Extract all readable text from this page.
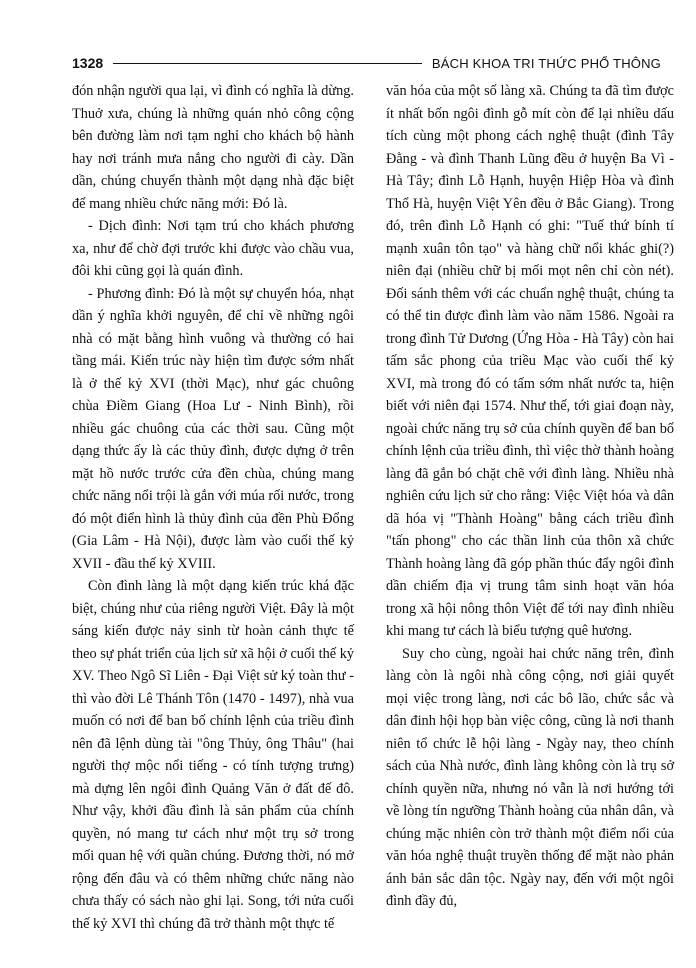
1328	BÁCH KHOA TRI THỨC PHỔ THÔNG

đón nhận người qua lại, vì đình có nghĩa là dừng. Thuở xưa, chúng là những quán nhỏ công cộng bên đường làm nơi tạm nghỉ cho khách bộ hành hay nơi tránh mưa nắng cho người đi cày. Dần dần, chúng chuyển thành một dạng nhà đặc biệt để mang nhiều chức năng mới: Đó là.

- Dịch đình: Nơi tạm trú cho khách phương xa, như để chờ đợi trước khi được vào chầu vua, đôi khi cũng gọi là quán đình.

- Phương đình: Đó là một sự chuyển hóa, nhạt dần ý nghĩa khởi nguyên, để chỉ về những ngôi nhà có mặt bằng hình vuông và thường có hai tầng mái. Kiến trúc này hiện tìm được sớm nhất là ở thế kỷ XVI (thời Mạc), như gác chuông chùa Điềm Giang (Hoa Lư - Ninh Bình), rồi nhiều gác chuông của các thời sau. Cũng một dạng thức ấy là các thủy đình, được dựng ở trên mặt hồ nước trước cửa đền chùa, chúng mang chức năng nổi trội là gắn với múa rối nước, trong đó một điển hình là thủy đình của đền Phù Đổng (Gia Lâm - Hà Nội), được làm vào cuối thế kỷ XVII - đầu thế kỷ XVIII.

Còn đình làng là một dạng kiến trúc khá đặc biệt, chúng như của riêng người Việt. Đây là một sáng kiến được nảy sinh từ hoàn cảnh thực tế theo sự phát triển của lịch sử xã hội ở cuối thế kỷ XV. Theo Ngô Sĩ Liên - Đại Việt sử ký toàn thư - thì vào đời Lê Thánh Tôn (1470 - 1497), nhà vua muốn có nơi để ban bố chính lệnh của triều đình nên đã lệnh dùng tài "ông Thủy, ông Thâu" (hai người thợ mộc nổi tiếng - có tính tượng trưng) mà dựng lên ngôi đình Quảng Văn ở đất đế đô. Như vậy, khởi đầu đình là sản phẩm của chính quyền, nó mang tư cách như một trụ sở trong mối quan hệ với quần chúng. Đương thời, nó mở rộng đến đâu và có thêm những chức năng nào chưa thấy có sách nào ghi lại. Song, tới nửa cuối thế kỷ XVI thì chúng đã trở thành một thực tế

văn hóa của một số làng xã. Chúng ta đã tìm được ít nhất bốn ngôi đình gỗ mít còn để lại nhiều dấu tích cùng một phong cách nghệ thuật (đình Tây Đằng - và đình Thanh Lũng đều ở huyện Ba Vì - Hà Tây; đình Lỗ Hạnh, huyện Hiệp Hòa và đình Thổ Hà, huyện Việt Yên đều ở Bắc Giang). Trong đó, trên đình Lỗ Hạnh có ghi: "Tuế thứ bính tí mạnh xuân tôn tạo" và hàng chữ nổi khác ghi(?) niên đại (nhiều chữ bị mối mọt nên chỉ còn nét). Đối sánh thêm với các chuẩn nghệ thuật, chúng ta có thể tin được đình làm vào năm 1586. Ngoài ra trong đình Tử Dương (Ứng Hòa - Hà Tây) còn hai tấm sắc phong của triều Mạc vào cuối thế kỷ XVI, mà trong đó có tấm sớm nhất nước ta, hiện biết với niên đại 1574. Như thế, tới giai đoạn này, ngoài chức năng trụ sở của chính quyền để ban bố chính lệnh của triều đình, thì việc thờ thành hoàng làng đã gắn bó chặt chẽ với đình làng. Nhiều nhà nghiên cứu lịch sử cho rằng: Việc Việt hóa và dân dã hóa vị "Thành Hoàng" bằng cách triều đình "tấn phong" cho các thần linh của thôn xã chức Thành hoàng làng đã góp phần thúc đẩy ngôi đình dần chiếm địa vị trung tâm sinh hoạt văn hóa trong xã hội nông thôn Việt để tới nay đình nhiều khi mang tư cách là biểu tượng quê hương.

Suy cho cùng, ngoài hai chức năng trên, đình làng còn là ngôi nhà công cộng, nơi giải quyết mọi việc trong làng, nơi các bô lão, chức sắc và dân đinh hội họp bàn việc công, cũng là nơi thanh niên tổ chức lễ hội làng - Ngày nay, theo chính sách của Nhà nước, đình làng không còn là trụ sở chính quyền nữa, nhưng nó vẫn là nơi hướng tới về lòng tín ngưỡng Thành hoàng của nhân dân, và chúng mặc nhiên còn trở thành một điểm nổi của văn hóa nghệ thuật truyền thống để mặt nào phản ánh bản sắc dân tộc. Ngày nay, đến với một ngôi đình đầy đủ,
